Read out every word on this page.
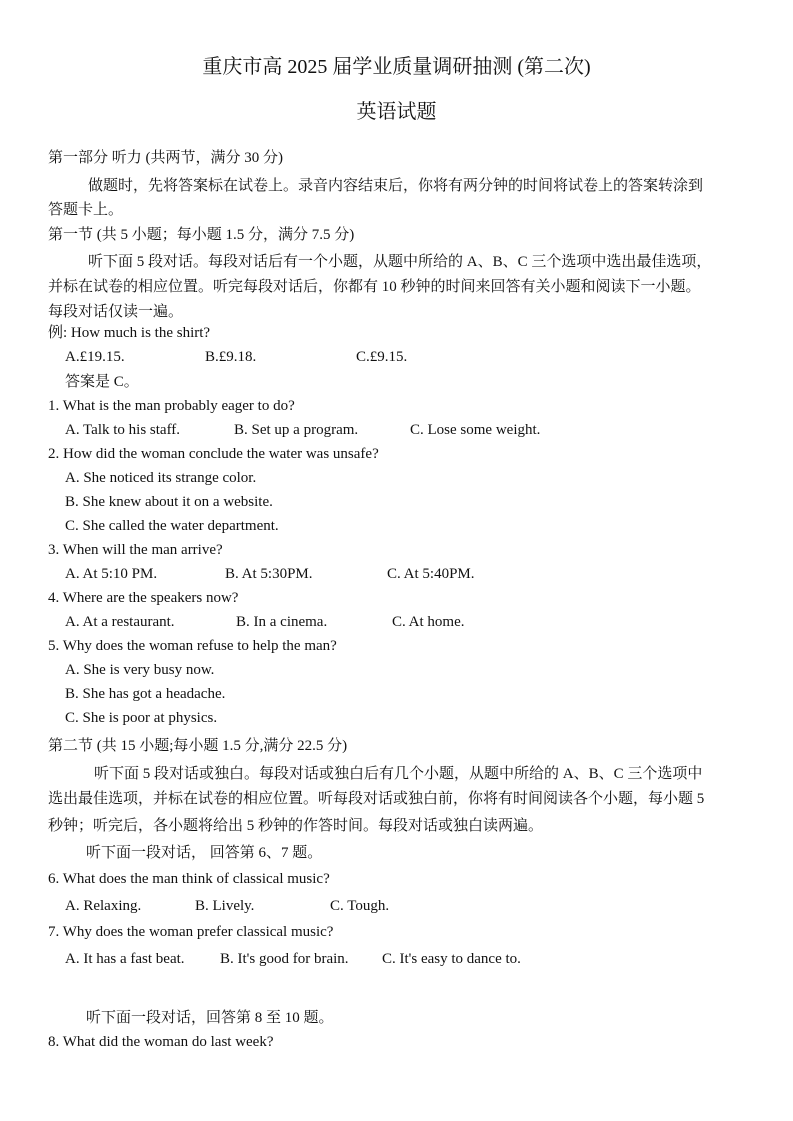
重庆市高 2025 届学业质量调研抽测 (第二次)
英语试题
第一部分 听力 (共两节，满分 30 分)
做题时，先将答案标在试卷上。录音内容结束后，你将有两分钟的时间将试卷上的答案转涂到
答题卡上。
第一节 (共 5 小题；每小题 1.5 分，满分 7.5 分)
听下面 5 段对话。每段对话后有一个小题，从题中所给的 A、B、C 三个选项中选出最佳选项，
并标在试卷的相应位置。听完每段对话后，你都有 10 秒钟的时间来回答有关小题和阅读下一小题。
每段对话仅读一遍。
例: How much is the shirt?
A.£19.15.	B.£9.18.	C.£9.15.
答案是 C。
1. What is the man probably eager to do?
A. Talk to his staff.	B. Set up a program.	C. Lose some weight.
2. How did the woman conclude the water was unsafe?
A. She noticed its strange color.
B. She knew about it on a website.
C. She called the water department.
3. When will the man arrive?
A. At 5:10 PM.	B. At 5:30PM.	C. At 5:40PM.
4. Where are the speakers now?
A. At a restaurant.	B. In a cinema.	C. At home.
5. Why does the woman refuse to help the man?
A. She is very busy now.
B. She has got a headache.
C. She is poor at physics.
第二节 (共 15 小题;每小题 1.5 分,满分 22.5 分)
听下面 5 段对话或独白。每段对话或独白后有几个小题，从题中所给的 A、B、C 三个选项中
选出最佳选项，并标在试卷的相应位置。听每段对话或独白前，你将有时间阅读各个小题，每小题 5
秒钟；听完后，各小题将给出 5 秒钟的作答时间。每段对话或独白读两遍。
听下面一段对话， 回答第 6、7 题。
6. What does the man think of classical music?
A. Relaxing.	B. Lively.	C. Tough.
7. Why does the woman prefer classical music?
A. It has a fast beat. B. It's good for brain. C. It's easy to dance to.
听下面一段对话，回答第 8 至 10 题。
8. What did the woman do last week?
